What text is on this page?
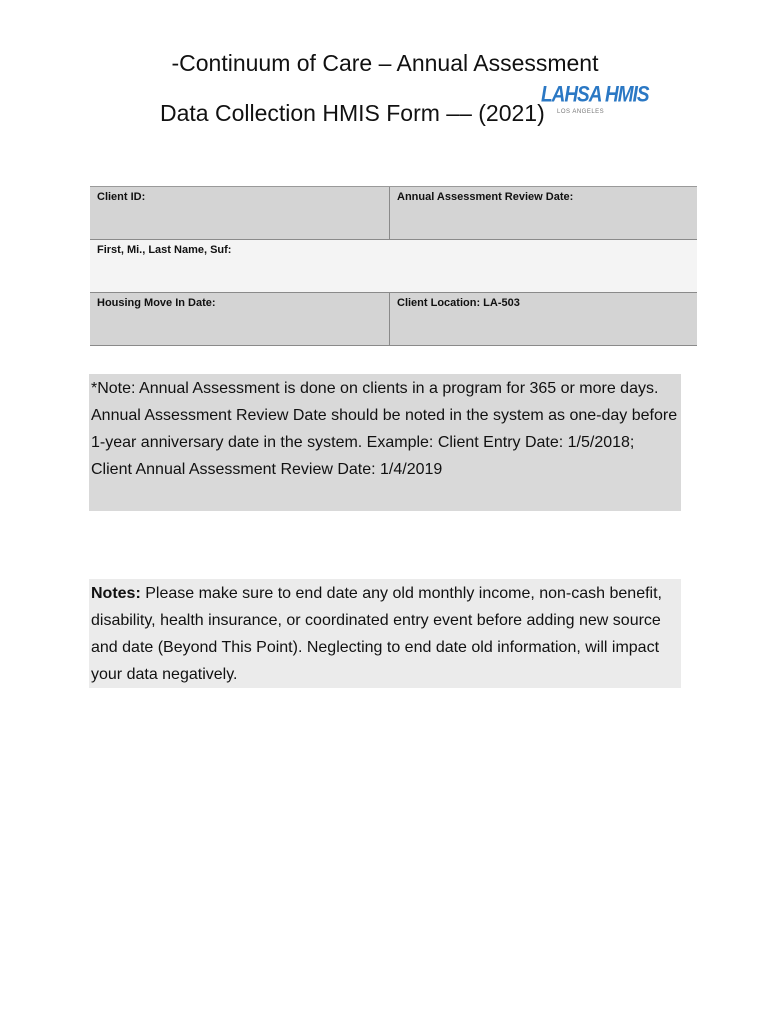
-Continuum of Care – Annual Assessment
Data Collection HMIS Form –– (2021)
LAHSA HMIS
LOS ANGELES
Client ID:	Annual Assessment Review Date:
First, Mi., Last Name, Suf:
Housing Move In Date:	Client Location: LA-503
*Note: Annual Assessment is done on clients in a program for 365 or more days. Annual Assessment Review Date should be noted in the system as one-day before 1-year anniversary date in the system. Example: Client Entry Date: 1/5/2018; Client Annual Assessment Review Date: 1/4/2019
Notes: Please make sure to end date any old monthly income, non-cash benefit, disability, health insurance, or coordinated entry event before adding new source and date (Beyond This Point). Neglecting to end date old information, will impact your data negatively.
